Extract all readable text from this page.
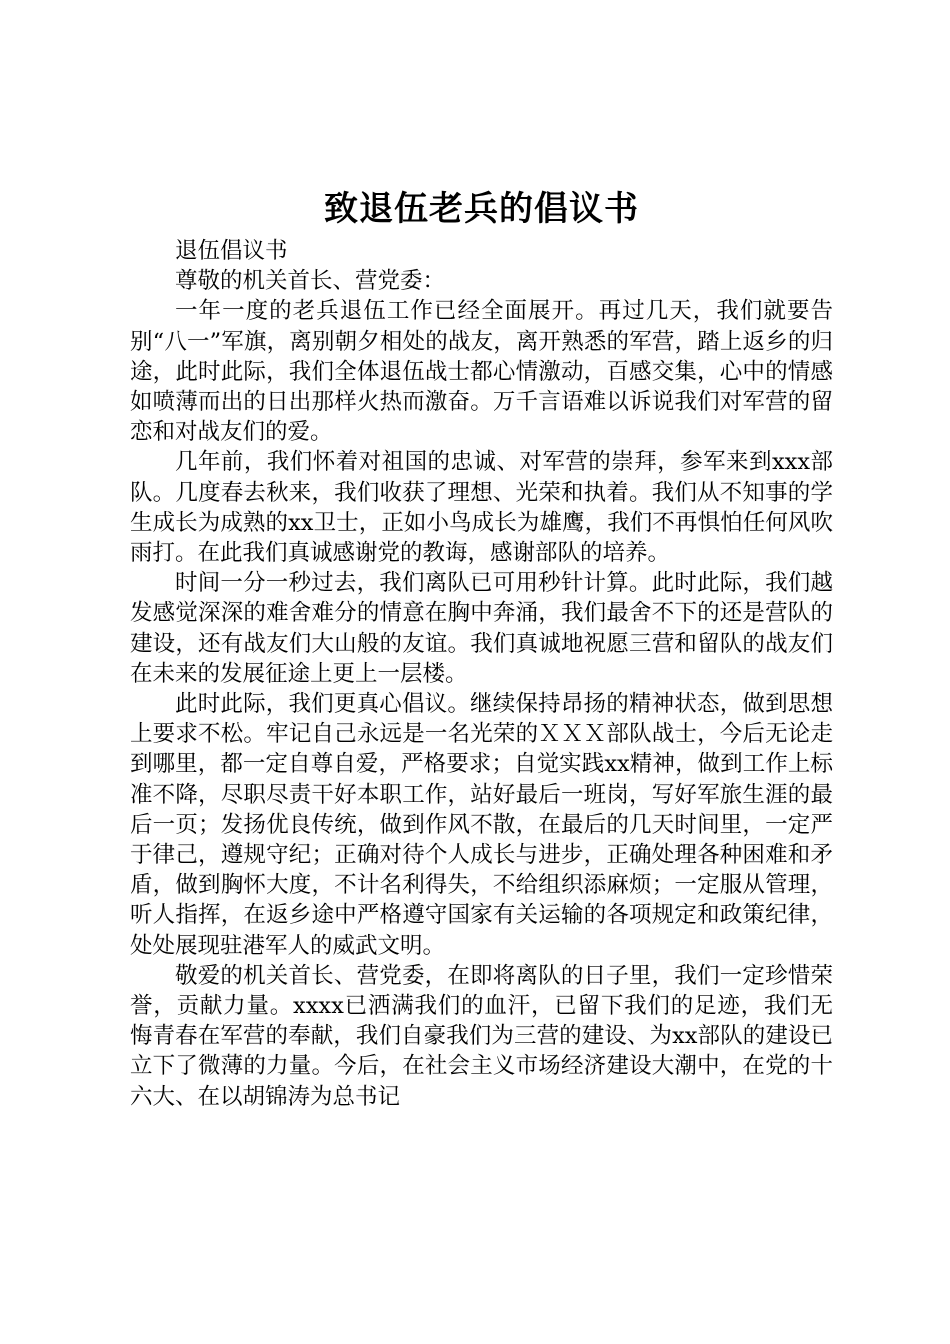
致退伍老兵的倡议书

退伍倡议书

尊敬的机关首长、营党委：

一年一度的老兵退伍工作已经全面展开。再过几天，我们就要告别“八一”军旗，离别朝夕相处的战友，离开熟悉的军营，踏上返乡的归途，此时此际，我们全体退伍战士都心情激动，百感交集，心中的情感如喷薄而出的日出那样火热而激奋。万千言语难以诉说我们对军营的留恋和对战友们的爱。

几年前，我们怀着对祖国的忠诚、对军营的崇拜，参军来到xxx部队。几度春去秋来，我们收获了理想、光荣和执着。我们从不知事的学生成长为成熟的xx卫士，正如小鸟成长为雄鹰，我们不再惧怕任何风吹雨打。在此我们真诚感谢党的教诲，感谢部队的培养。

时间一分一秒过去，我们离队已可用秒针计算。此时此际，我们越发感觉深深的难舍难分的情意在胸中奔涌，我们最舍不下的还是营队的建设，还有战友们大山般的友谊。我们真诚地祝愿三营和留队的战友们在未来的发展征途上更上一层楼。

此时此际，我们更真心倡议。继续保持昂扬的精神状态，做到思想上要求不松。牢记自己永远是一名光荣的ＸＸＸ部队战士，今后无论走到哪里，都一定自尊自爱，严格要求；自觉实践xx精神，做到工作上标准不降，尽职尽责干好本职工作，站好最后一班岗，写好军旅生涯的最后一页；发扬优良传统，做到作风不散，在最后的几天时间里，一定严于律己，遵规守纪；正确对待个人成长与进步，正确处理各种困难和矛盾，做到胸怀大度，不计名利得失，不给组织添麻烦；一定服从管理，听人指挥，在返乡途中严格遵守国家有关运输的各项规定和政策纪律，处处展现驻港军人的威武文明。

敬爱的机关首长、营党委，在即将离队的日子里，我们一定珍惜荣誉，贡献力量。xxxx已洒满我们的血汗，已留下我们的足迹，我们无悔青春在军营的奉献，我们自豪我们为三营的建设、为xx部队的建设已立下了微薄的力量。今后，在社会主义市场经济建设大潮中，在党的十六大、在以胡锦涛为总书记
